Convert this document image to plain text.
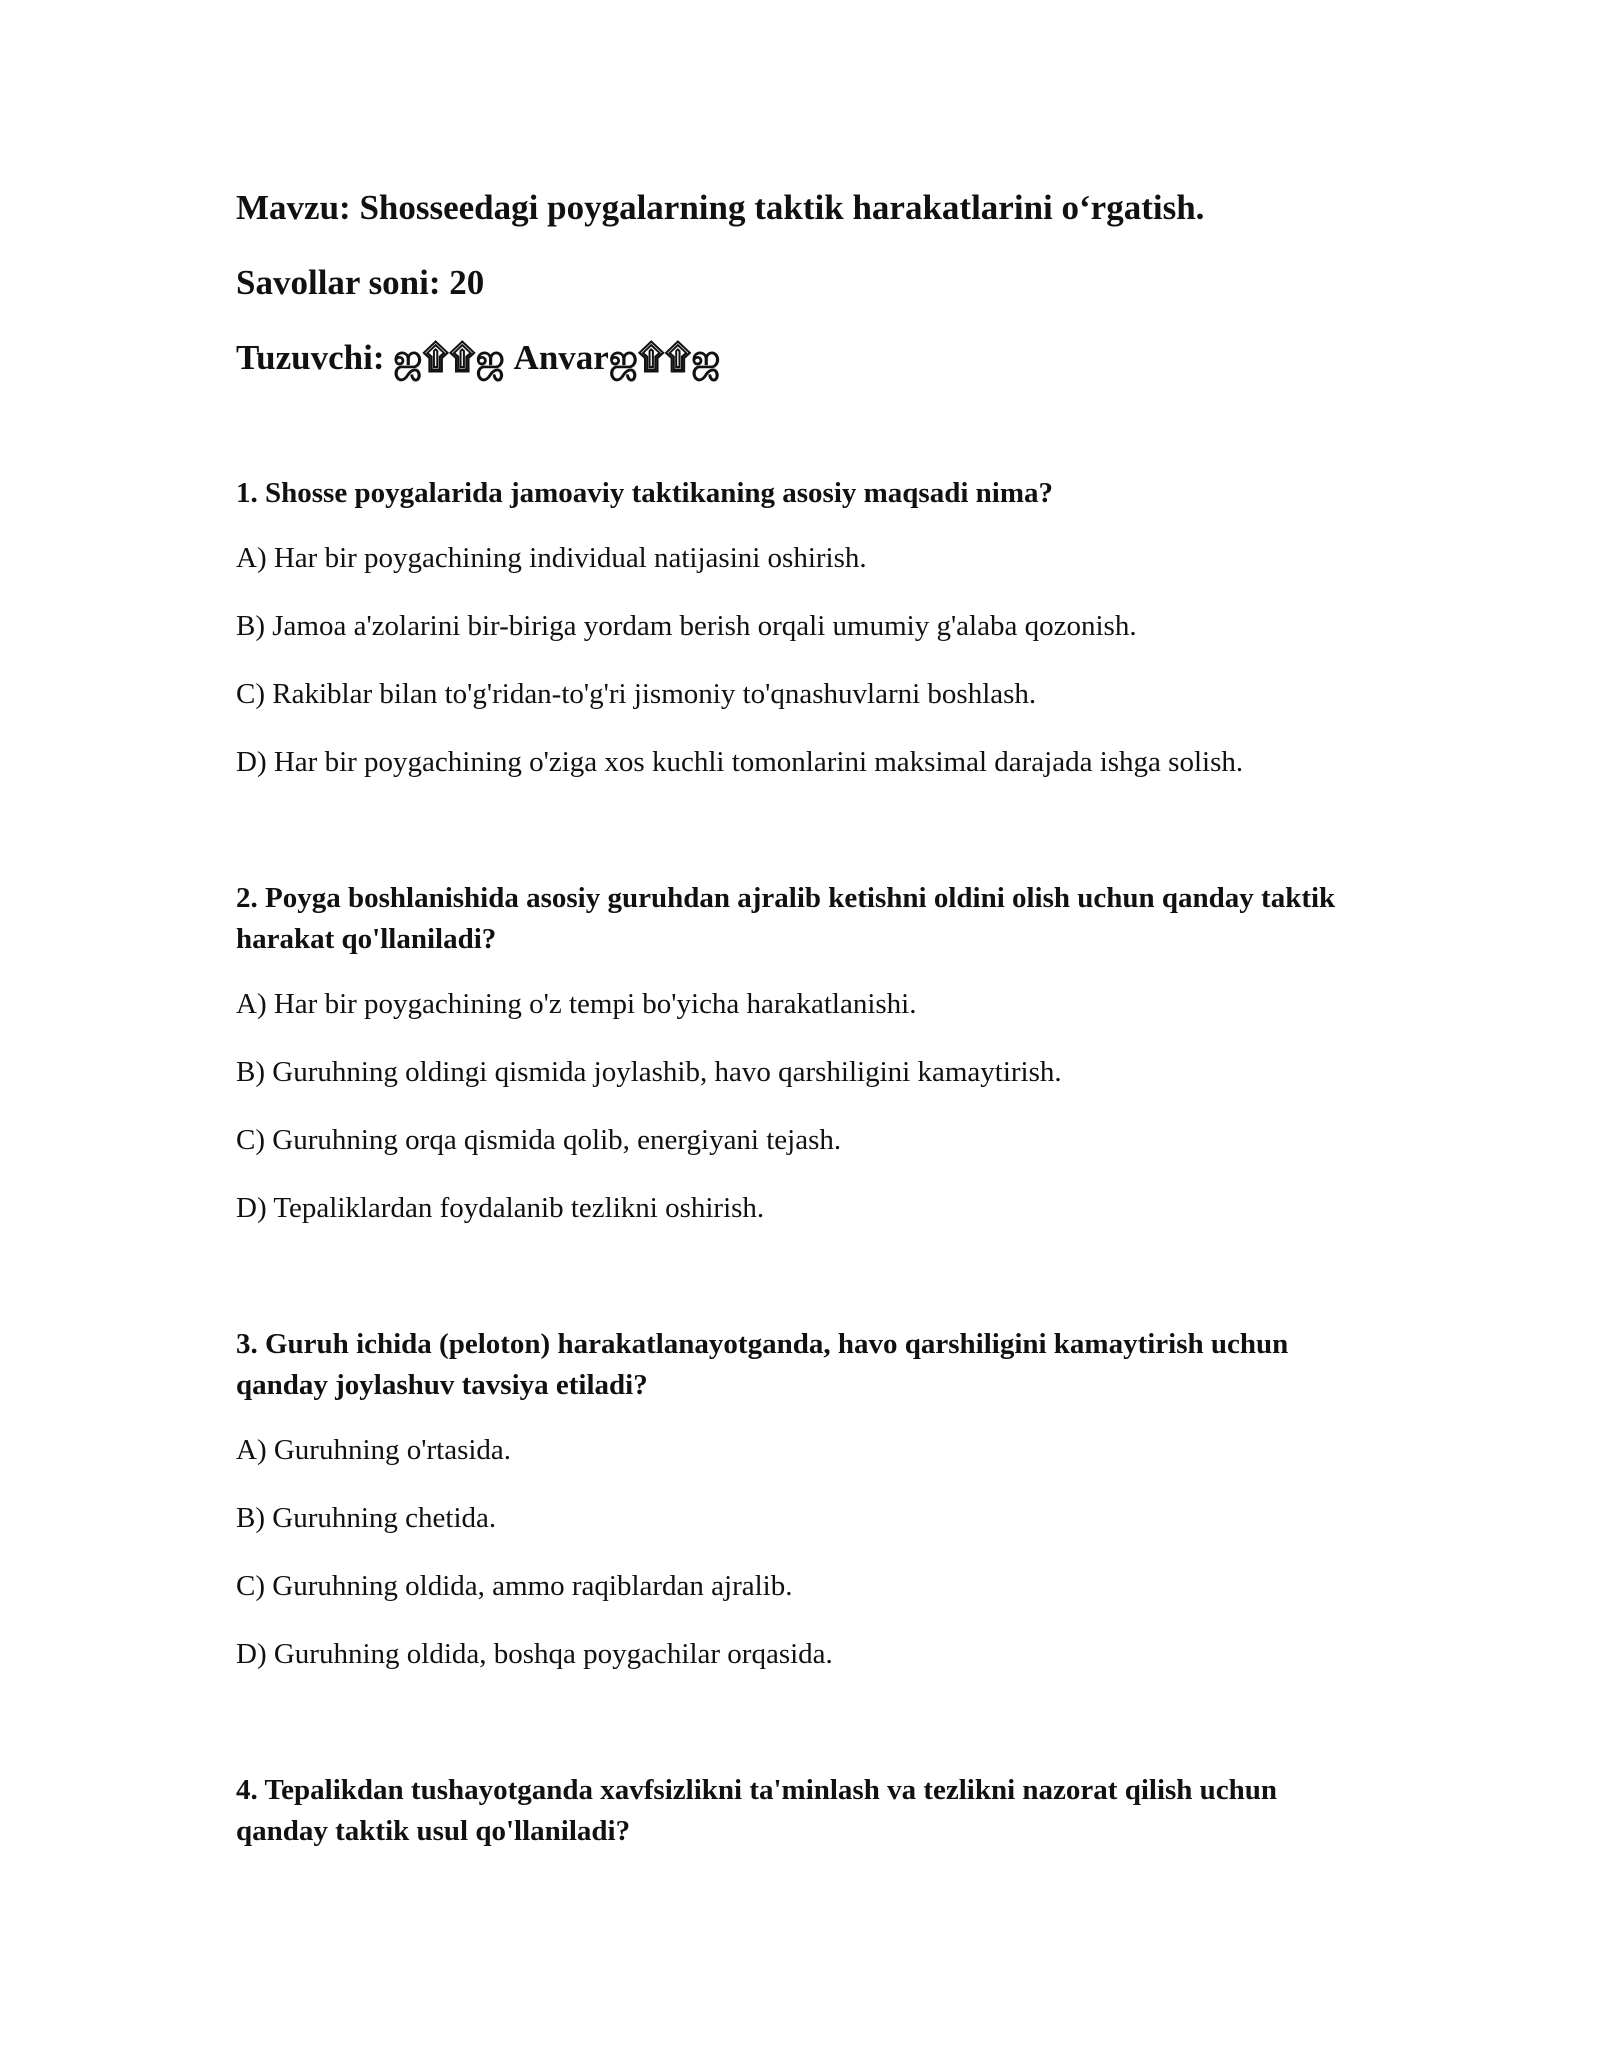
Mavzu: Shosseedagi poygalarning taktik harakatlarini o‘rgatish.
Savollar soni: 20
Tuzuvchi: ஜ۩۩ஜ Anvarஜ۩۩ஜ
1. Shosse poygalarida jamoaviy taktikaning asosiy maqsadi nima?
A) Har bir poygachining individual natijasini oshirish.
B) Jamoa a'zolarini bir-biriga yordam berish orqali umumiy g'alaba qozonish.
C) Rakiblar bilan to'g'ridan-to'g'ri jismoniy to'qnashuvlarni boshlash.
D) Har bir poygachining o'ziga xos kuchli tomonlarini maksimal darajada ishga solish.
2. Poyga boshlanishida asosiy guruhdan ajralib ketishni oldini olish uchun qanday taktik harakat qo'llaniladi?
A) Har bir poygachining o'z tempi bo'yicha harakatlanishi.
B) Guruhning oldingi qismida joylashib, havo qarshiligini kamaytirish.
C) Guruhning orqa qismida qolib, energiyani tejash.
D) Tepaliklardan foydalanib tezlikni oshirish.
3. Guruh ichida (peloton) harakatlanayotganda, havo qarshiligini kamaytirish uchun qanday joylashuv tavsiya etiladi?
A) Guruhning o'rtasida.
B) Guruhning chetida.
C) Guruhning oldida, ammo raqiblardan ajralib.
D) Guruhning oldida, boshqa poygachilar orqasida.
4. Tepalikdan tushayotganda xavfsizlikni ta'minlash va tezlikni nazorat qilish uchun qanday taktik usul qo'llaniladi?
